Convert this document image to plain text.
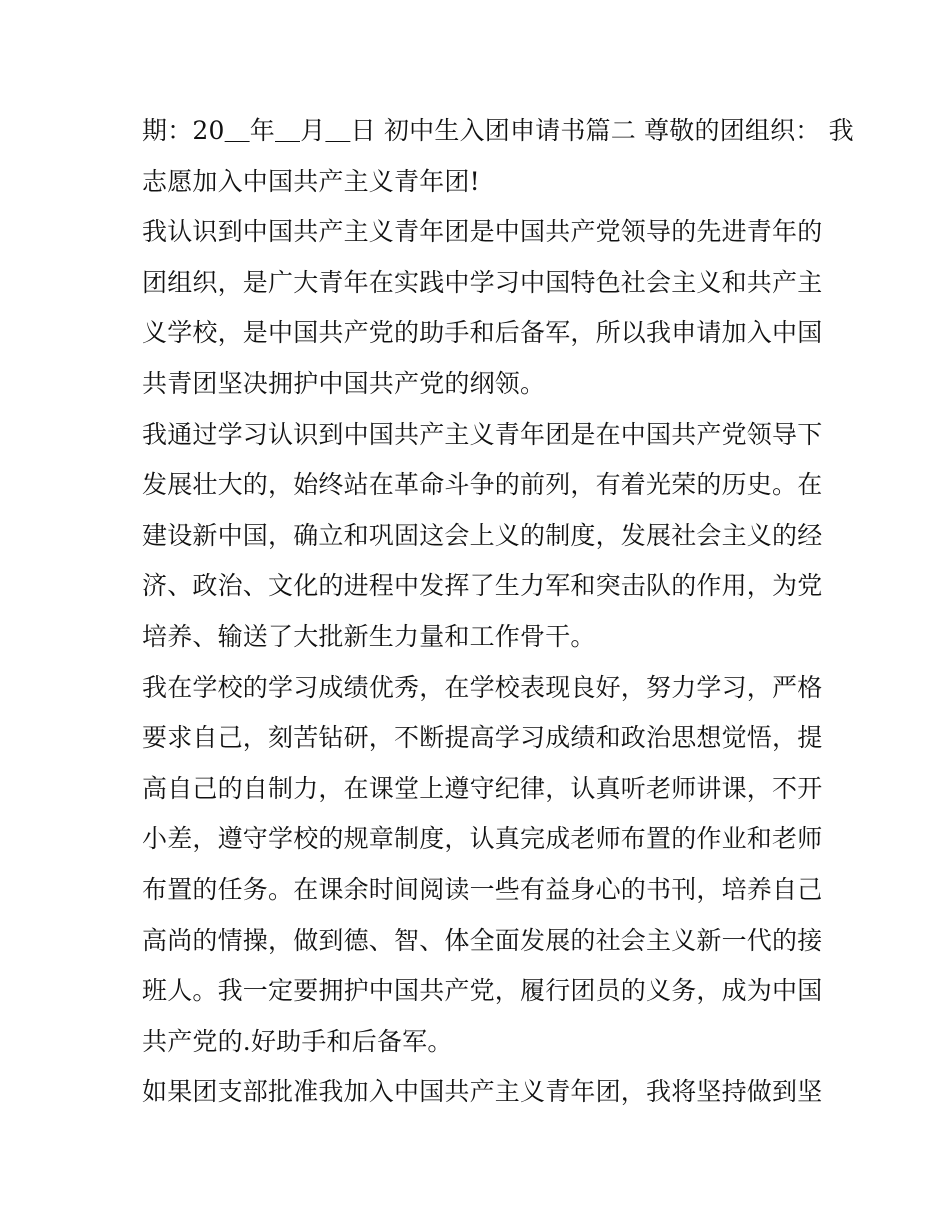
期：20＿年＿月＿日 初中生入团申请书篇二 尊敬的团组织： 我
志愿加入中国共产主义青年团!
我认识到中国共产主义青年团是中国共产党领导的先进青年的
团组织，是广大青年在实践中学习中国特色社会主义和共产主
义学校，是中国共产党的助手和后备军，所以我申请加入中国
共青团坚决拥护中国共产党的纲领。
我通过学习认识到中国共产主义青年团是在中国共产党领导下
发展壮大的，始终站在革命斗争的前列，有着光荣的历史。在
建设新中国，确立和巩固这会上义的制度，发展社会主义的经
济、政治、文化的进程中发挥了生力军和突击队的作用，为党
培养、输送了大批新生力量和工作骨干。
我在学校的学习成绩优秀，在学校表现良好，努力学习，严格
要求自己，刻苦钻研，不断提高学习成绩和政治思想觉悟，提
高自己的自制力，在课堂上遵守纪律，认真听老师讲课，不开
小差，遵守学校的规章制度，认真完成老师布置的作业和老师
布置的任务。在课余时间阅读一些有益身心的书刊，培养自己
高尚的情操，做到德、智、体全面发展的社会主义新一代的接
班人。我一定要拥护中国共产党，履行团员的义务，成为中国
共产党的.好助手和后备军。
如果团支部批准我加入中国共产主义青年团，我将坚持做到坚
